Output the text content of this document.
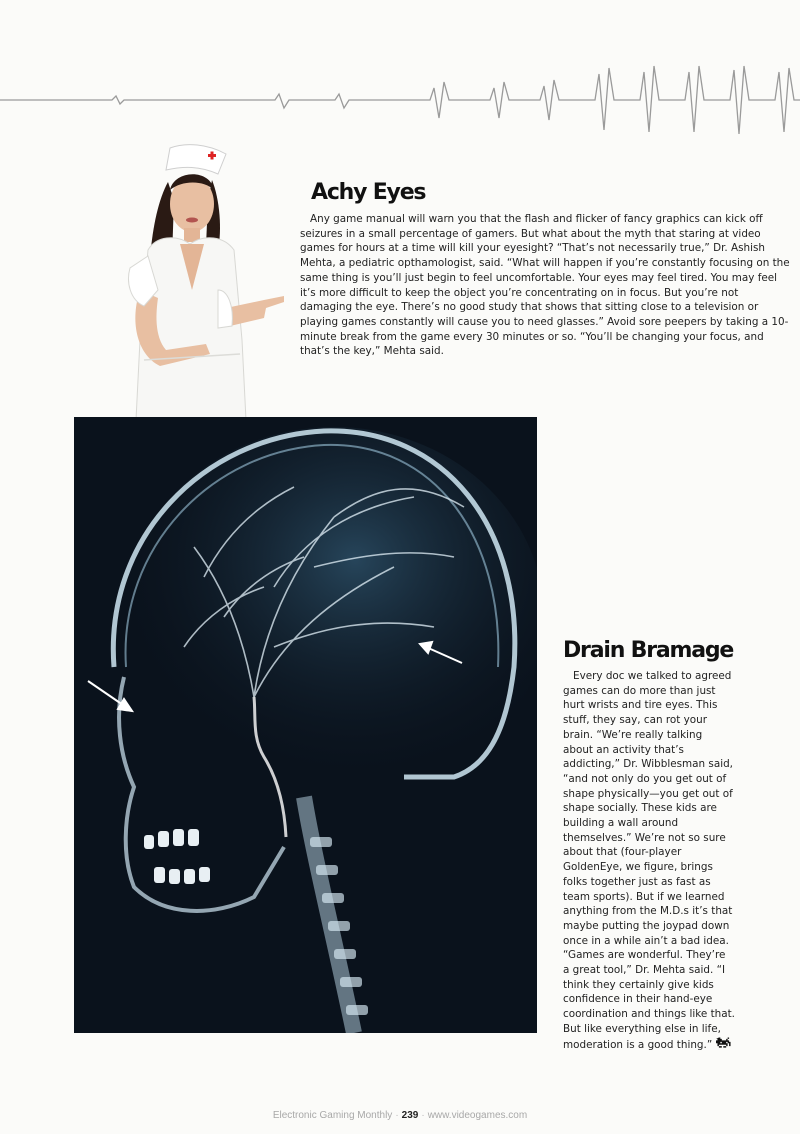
Achy Eyes

Any game manual will warn you that the flash and flicker of fancy graphics can kick off seizures in a small percentage of gamers. But what about the myth that staring at video games for hours at a time will kill your eyesight? “That’s not necessarily true,” Dr. Ashish Mehta, a pediatric opthamologist, said. “What will happen if you’re constantly focusing on the same thing is you’ll just begin to feel uncomfortable. Your eyes may feel tired. You may feel it’s more difficult to keep the object you’re concentrating on in focus. But you’re not damaging the eye. There’s no good study that shows that sitting close to a television or playing games constantly will cause you to need glasses.” Avoid sore peepers by taking a 10-minute break from the game every 30 minutes or so. “You’ll be changing your focus, and that’s the key,” Mehta said.

Drain Bramage

Every doc we talked to agreed games can do more than just hurt wrists and tire eyes. This stuff, they say, can rot your brain. “We’re really talking about an activity that’s addicting,” Dr. Wibblesman said, “and not only do you get out of shape physically—you get out of shape socially. These kids are building a wall around themselves.” We’re not so sure about that (four-player GoldenEye, we figure, brings folks together just as fast as team sports). But if we learned anything from the M.D.s it’s that maybe putting the joypad down once in a while ain’t a bad idea. “Games are wonderful. They’re a great tool,” Dr. Mehta said. “I think they certainly give kids confidence in their hand-eye coordination and things like that. But like everything else in life, moderation is a good thing.”

Electronic Gaming Monthly · 239 · www.videogames.com
